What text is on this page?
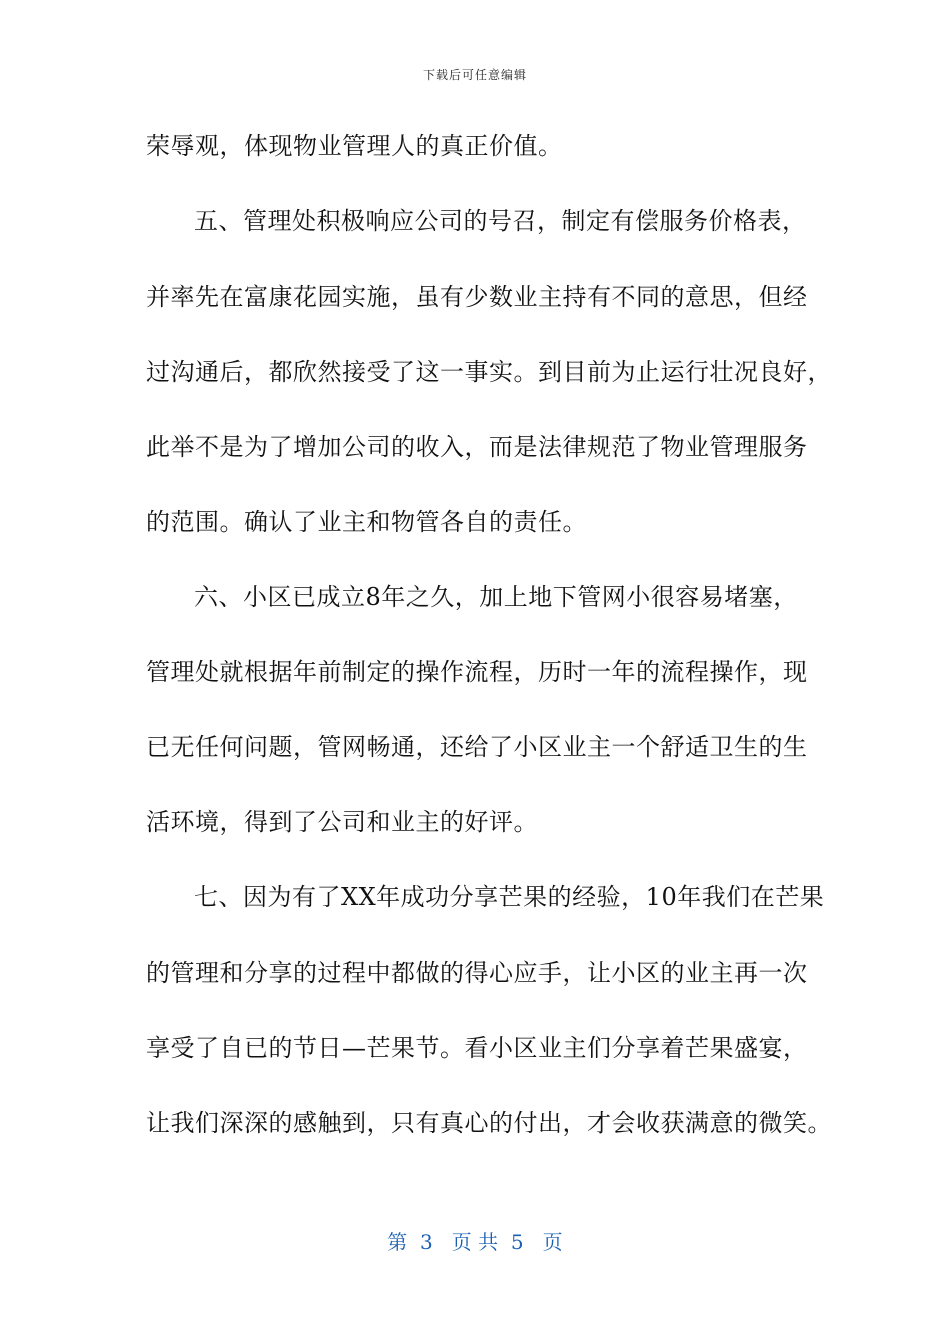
下载后可任意编辑
荣辱观，体现物业管理人的真正价值。
五、管理处积极响应公司的号召，制定有偿服务价格表，
并率先在富康花园实施，虽有少数业主持有不同的意思，但经
过沟通后，都欣然接受了这一事实。到目前为止运行壮况良好，
此举不是为了增加公司的收入，而是法律规范了物业管理服务
的范围。确认了业主和物管各自的责任。
六、小区已成立8年之久，加上地下管网小很容易堵塞，
管理处就根据年前制定的操作流程，历时一年的流程操作，现
已无任何问题，管网畅通，还给了小区业主一个舒适卫生的生
活环境，得到了公司和业主的好评。
七、因为有了XX年成功分享芒果的经验，10年我们在芒果
的管理和分享的过程中都做的得心应手，让小区的业主再一次
享受了自已的节日—芒果节。看小区业主们分享着芒果盛宴，
让我们深深的感触到，只有真心的付出，才会收获满意的微笑。
第  3   页 共  5   页
